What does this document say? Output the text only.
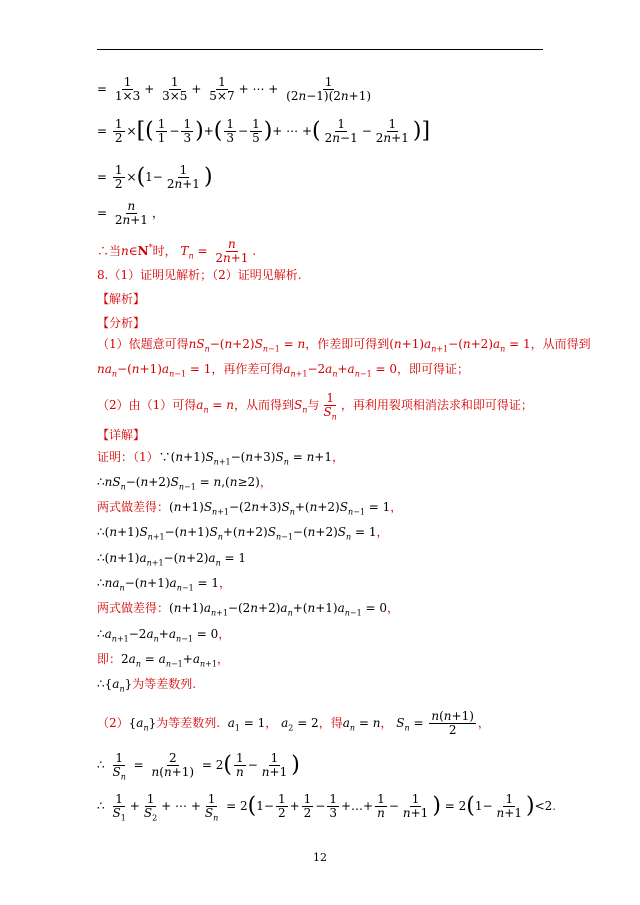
= $\frac{1}{1\times 3} + \frac{1}{3\times 5} + \frac{1}{5\times 7}$ + ⋯ + $\frac{1}{(2n-1)(2n+1)}$
= $\frac{1}{2}$ ×[( $\frac{1}{1} - \frac{1}{3}$ )+( $\frac{1}{3} - \frac{1}{5}$ )+ ⋯ +( $\frac{1}{2n-1} - \frac{1}{2n+1}$ )]
= $\frac{1}{2} \times(1- \frac{1}{2n+1}$ )
= $\frac{n}{2n+1}$ ，
∴当n∈N*时， $T_n = \frac{n}{2n+1}$ .
8.（1）证明见解析；（2）证明见解析.
【解析】
【分析】
（1）依题意可得$nS_n-(n+2)S_{n-1} = n$，作差即可得到$(n+1)a_{n+1}-(n+2)a_n = 1$，从而得到
$na_n-(n+1)a_{n-1} = 1$，再作差可得$a_{n+1}-2a_n+a_{n-1} = 0$，即可得证；
（2）由（1）可得$a_n = n$，从而得到$S_n$与 $\frac{1}{S_n}$ ，再利用裂项相消法求和即可得证；
【详解】
证明：$(1)\because(n+1)S_{n+1}-(n+3)S_n = n+1$，
$\therefore nS_n-(n+2)S_{n-1} = n,(n\ge 2)$，
两式做差得：$(n+1)S_{n+1}-(2n+3)S_n+(n+2)S_{n-1} = 1$，
$\therefore(n+1)S_{n+1}-(n+1)S_n+(n+2)S_{n-1}-(n+2)S_n = 1$，
$\therefore(n+1)a_{n+1}-(n+2)a_n = 1$
$\therefore na_n-(n+1)a_{n-1} = 1$，
两式做差得：$(n+1)a_{n+1}-(2n+2)a_n+(n+1)a_{n-1} = 0$，
$\therefore a_{n+1}-2a_n+a_{n-1} = 0$，
即：$2a_n = a_{n-1}+a_{n+1}$，
$\therefore\{a_n\}$为等差数列.
$(2)\{a_n\}$为等差数列. $a_1 = 1$， $a_2 = 2$，得$a_n = n$， $S_n = \frac{n(n+1)}{2}$ ，
∴ $\frac{1}{S_n} = \frac{2}{n(n+1)} = 2( \frac{1}{n} - \frac{1}{n+1}$ )
∴ $\frac{1}{S_1} + \frac{1}{S_2}$ + ⋯ + $\frac{1}{S_n} = 2(1- \frac{1}{2} + \frac{1}{2} - \frac{1}{3}$ +…+ $\frac{1}{n} - \frac{1}{n+1}$ ) = $2(1- \frac{1}{n+1} )<2$.
12
